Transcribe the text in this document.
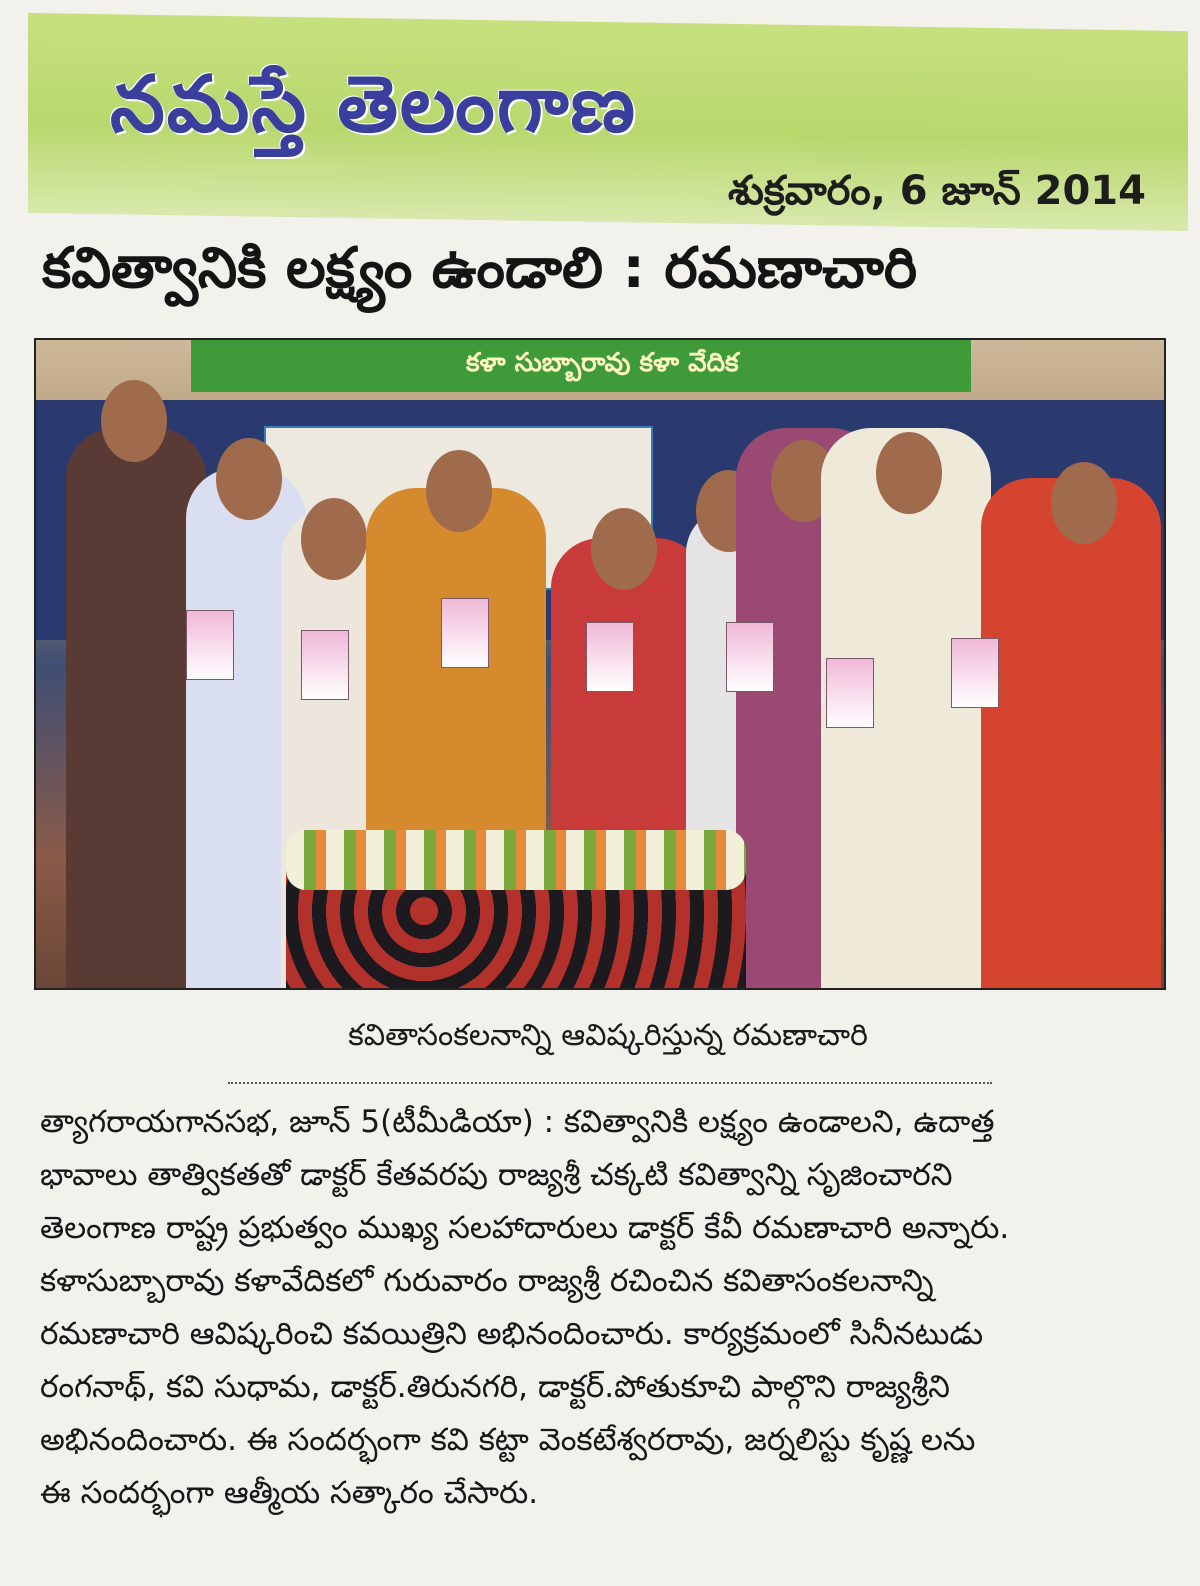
నమస్తే తెలంగాణ
శుక్రవారం, 6 జూన్ 2014
కవిత్వానికి లక్ష్యం ఉండాలి : రమణాచారి
కళా సుబ్బారావు కళా వేదిక
కవితాసంకలనాన్ని ఆవిష్కరిస్తున్న రమణాచారి
త్యాగరాయగానసభ, జూన్ 5(టీమీడియా) : కవిత్వానికి లక్ష్యం ఉండాలని, ఉదాత్త
భావాలు తాత్వికతతో డాక్టర్ కేతవరపు రాజ్యశ్రీ చక్కటి కవిత్వాన్ని సృజించారని
తెలంగాణ రాష్ట్ర ప్రభుత్వం ముఖ్య సలహాదారులు డాక్టర్ కేవీ రమణాచారి అన్నారు.
కళాసుబ్బారావు కళావేదికలో గురువారం రాజ్యశ్రీ రచించిన కవితాసంకలనాన్ని
రమణాచారి ఆవిష్కరించి కవయిత్రిని అభినందించారు. కార్యక్రమంలో సినీనటుడు
రంగనాథ్, కవి సుధామ, డాక్టర్.తిరునగరి, డాక్టర్.పోతుకూచి పాల్గొని రాజ్యశ్రీని
అభినందించారు. ఈ సందర్భంగా కవి కట్టా వెంకటేశ్వరరావు, జర్నలిస్టు కృష్ణ లను
ఈ సందర్భంగా ఆత్మీయ సత్కారం చేసారు.
